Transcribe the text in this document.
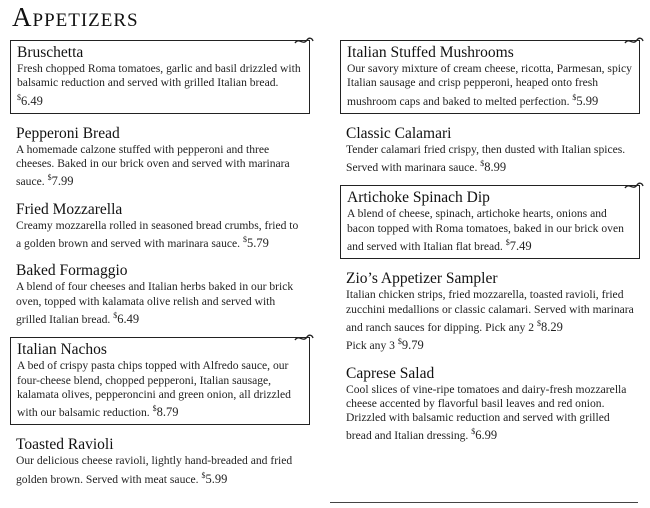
Appetizers
Bruschetta
Fresh chopped Roma tomatoes, garlic and basil drizzled with balsamic reduction and served with grilled Italian bread. $6.49
Pepperoni Bread
A homemade calzone stuffed with pepperoni and three cheeses. Baked in our brick oven and served with marinara sauce. $7.99
Fried Mozzarella
Creamy mozzarella rolled in seasoned bread crumbs, fried to a golden brown and served with marinara sauce. $5.79
Baked Formaggio
A blend of four cheeses and Italian herbs baked in our brick oven, topped with kalamata olive relish and served with grilled Italian bread. $6.49
Italian Nachos
A bed of crispy pasta chips topped with Alfredo sauce, our four-cheese blend, chopped pepperoni, Italian sausage, kalamata olives, pepperoncini and green onion, all drizzled with our balsamic reduction. $8.79
Toasted Ravioli
Our delicious cheese ravioli, lightly hand-breaded and fried golden brown. Served with meat sauce. $5.99
Italian Stuffed Mushrooms
Our savory mixture of cream cheese, ricotta, Parmesan, spicy Italian sausage and crisp pepperoni, heaped onto fresh mushroom caps and baked to melted perfection. $5.99
Classic Calamari
Tender calamari fried crispy, then dusted with Italian spices. Served with marinara sauce. $8.99
Artichoke Spinach Dip
A blend of cheese, spinach, artichoke hearts, onions and bacon topped with Roma tomatoes, baked in our brick oven and served with Italian flat bread. $7.49
Zio’s Appetizer Sampler
Italian chicken strips, fried mozzarella, toasted ravioli, fried zucchini medallions or classic calamari. Served with marinara and ranch sauces for dipping. Pick any 2 $8.29 Pick any 3 $9.79
Caprese Salad
Cool slices of vine-ripe tomatoes and dairy-fresh mozzarella cheese accented by flavorful basil leaves and red onion. Drizzled with balsamic reduction and served with grilled bread and Italian dressing. $6.99
